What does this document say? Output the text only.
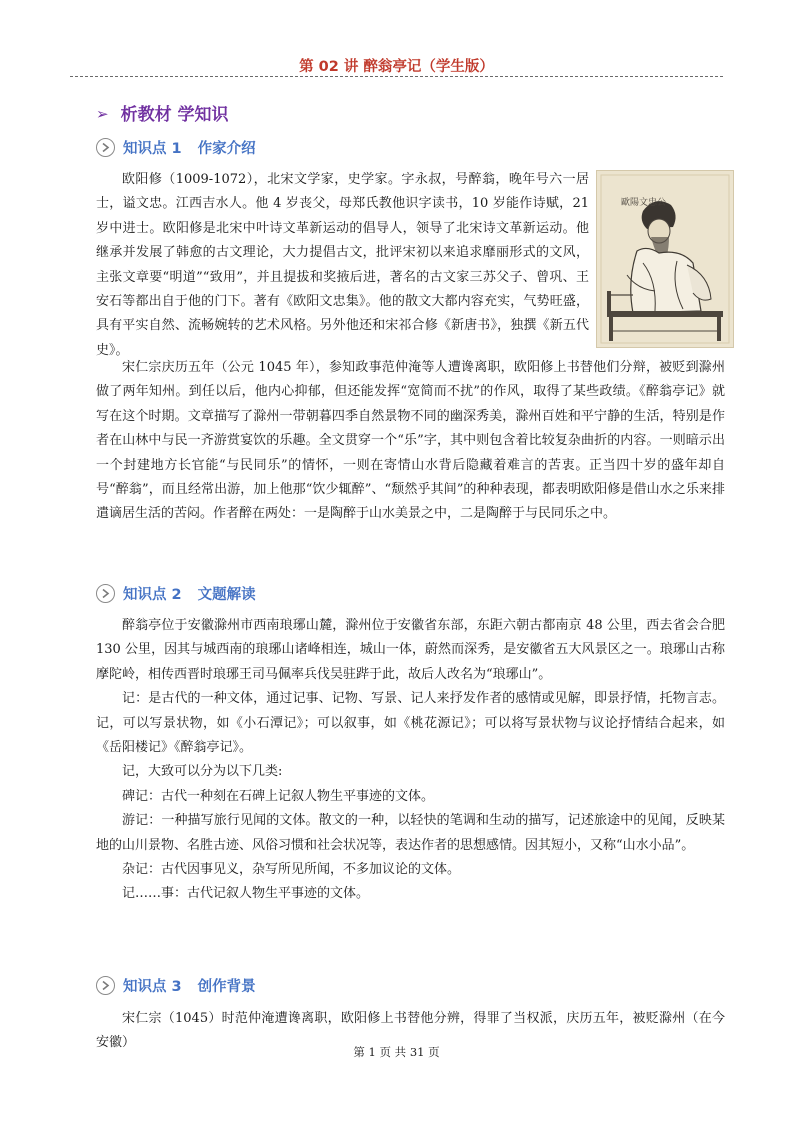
第 02 讲 醉翁亭记（学生版）
➢ 析教材 学知识
知识点 1 作家介绍

欧阳修（1009-1072），北宋文学家，史学家。字永叔，号醉翁，晚年号六一居士，谥文忠。江西吉水人。他 4 岁丧父，母郑氏教他识字读书，10 岁能作诗赋，21 岁中进士。欧阳修是北宋中叶诗文革新运动的倡导人，领导了北宋诗文革新运动。他继承并发展了韩愈的古文理论，大力提倡古文，批评宋初以来追求靡丽形式的文风，主张文章要“明道”“致用”，并且提拔和奖掖后进，著名的古文家三苏父子、曾巩、王安石等都出自于他的门下。著有《欧阳文忠集》。他的散文大都内容充实，气势旺盛，具有平实自然、流畅婉转的艺术风格。另外他还和宋祁合修《新唐书》，独撰《新五代史》。

歐陽文忠公

宋仁宗庆历五年（公元 1045 年），参知政事范仲淹等人遭谗离职，欧阳修上书替他们分辩，被贬到滁州做了两年知州。到任以后，他内心抑郁，但还能发挥“宽简而不扰”的作风，取得了某些政绩。《醉翁亭记》就写在这个时期。文章描写了滁州一带朝暮四季自然景物不同的幽深秀美，滁州百姓和平宁静的生活，特别是作者在山林中与民一齐游赏宴饮的乐趣。全文贯穿一个“乐”字，其中则包含着比较复杂曲折的内容。一则暗示出一个封建地方长官能“与民同乐”的情怀，一则在寄情山水背后隐藏着难言的苦衷。正当四十岁的盛年却自号“醉翁”，而且经常出游，加上他那“饮少辄醉”、“颓然乎其间”的种种表现，都表明欧阳修是借山水之乐来排遣谪居生活的苦闷。作者醉在两处：一是陶醉于山水美景之中，二是陶醉于与民同乐之中。

知识点 2 文题解读

醉翁亭位于安徽滁州市西南琅琊山麓，滁州位于安徽省东部，东距六朝古都南京 48 公里，西去省会合肥 130 公里，因其与城西南的琅琊山诸峰相连，城山一体，蔚然而深秀，是安徽省五大风景区之一。琅琊山古称摩陀岭，相传西晋时琅琊王司马佩率兵伐吴驻跸于此，故后人改名为“琅琊山”。

记：是古代的一种文体，通过记事、记物、写景、记人来抒发作者的感情或见解，即景抒情，托物言志。记，可以写景状物，如《小石潭记》；可以叙事，如《桃花源记》；可以将写景状物与议论抒情结合起来，如《岳阳楼记》《醉翁亭记》。

记，大致可以分为以下几类:

碑记：古代一种刻在石碑上记叙人物生平事迹的文体。

游记：一种描写旅行见闻的文体。散文的一种，以轻快的笔调和生动的描写，记述旅途中的见闻，反映某地的山川景物、名胜古迹、风俗习惯和社会状况等，表达作者的思想感情。因其短小，又称“山水小品”。

杂记：古代因事见义，杂写所见所闻，不多加议论的文体。

记……事：古代记叙人物生平事迹的文体。

知识点 3 创作背景

宋仁宗（1045）时范仲淹遭谗离职，欧阳修上书替他分辨，得罪了当权派，庆历五年，被贬滁州（在今安徽）

第 1 页 共 31 页
